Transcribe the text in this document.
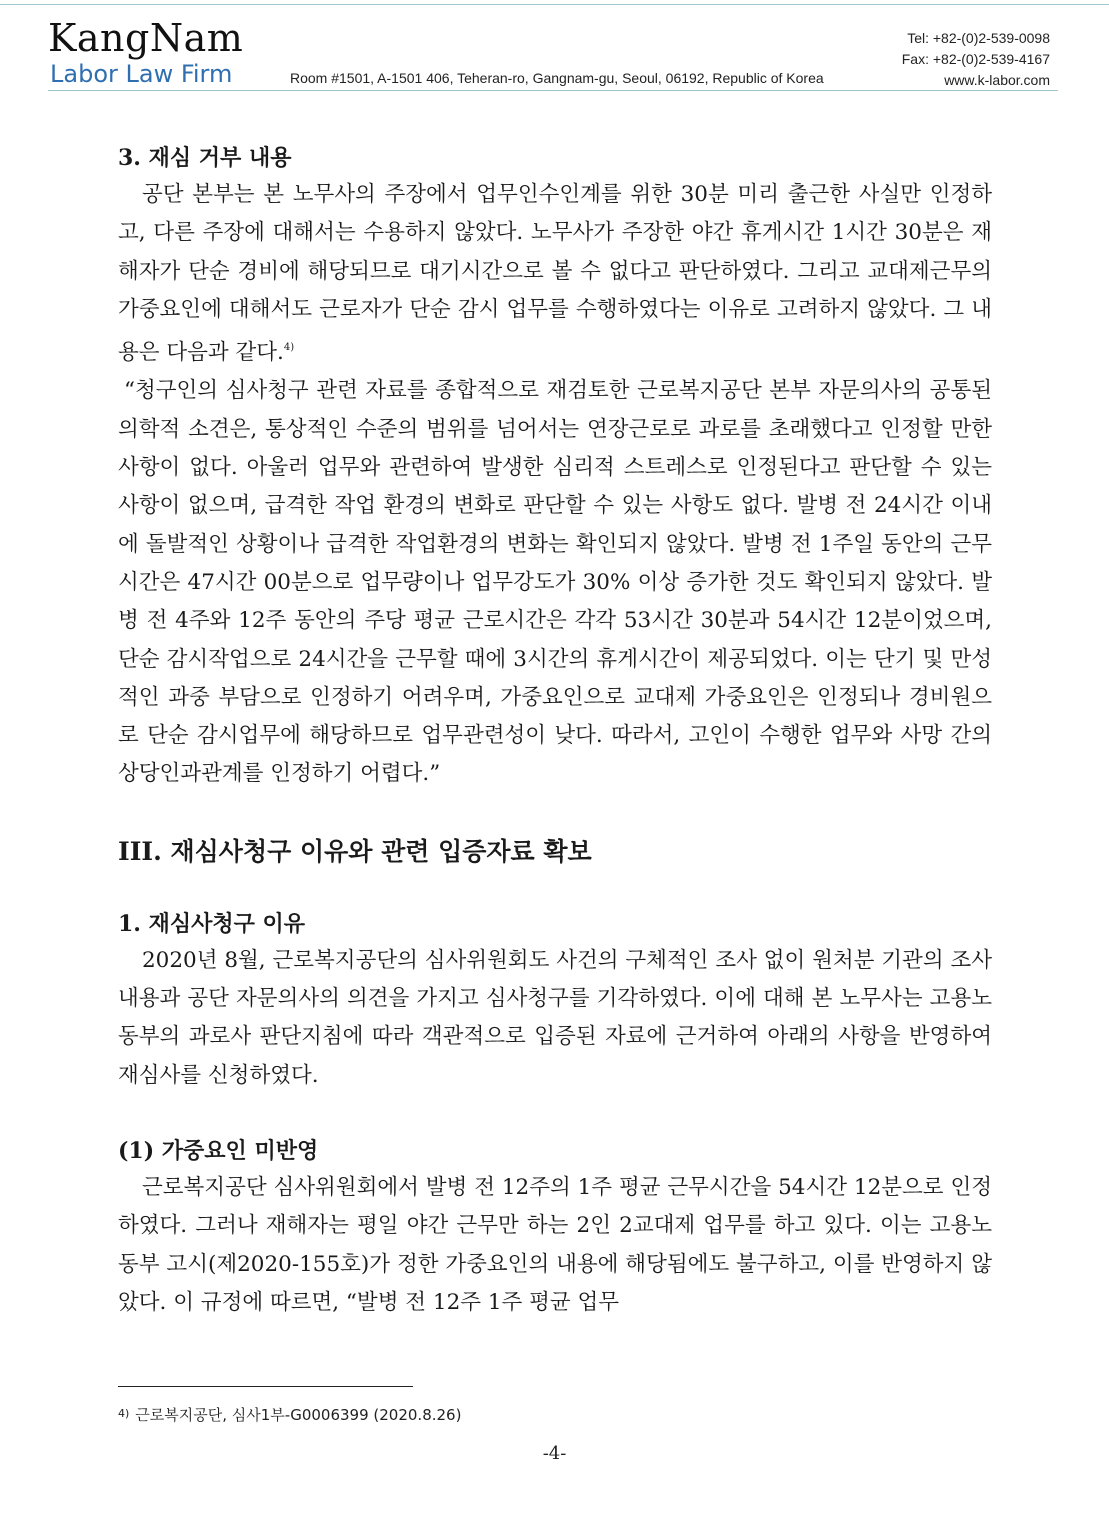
KangNam
Labor Law Firm	Room #1501, A-1501 406, Teheran-ro, Gangnam-gu, Seoul, 06192, Republic of Korea
Tel: +82-(0)2-539-0098
Fax: +82-(0)2-539-4167
www.k-labor.com
3. 재심 거부 내용

공단 본부는 본 노무사의 주장에서 업무인수인계를 위한 30분 미리 출근한 사실만 인정하고, 다른 주장에 대해서는 수용하지 않았다. 노무사가 주장한 야간 휴게시간 1시간 30분은 재해자가 단순 경비에 해당되므로 대기시간으로 볼 수 없다고 판단하였다. 그리고 교대제근무의 가중요인에 대해서도 근로자가 단순 감시 업무를 수행하였다는 이유로 고려하지 않았다. 그 내용은 다음과 같다.$^{4)}$

“청구인의 심사청구 관련 자료를 종합적으로 재검토한 근로복지공단 본부 자문의사의 공통된 의학적 소견은, 통상적인 수준의 범위를 넘어서는 연장근로로 과로를 초래했다고 인정할 만한 사항이 없다. 아울러 업무와 관련하여 발생한 심리적 스트레스로 인정된다고 판단할 수 있는 사항이 없으며, 급격한 작업 환경의 변화로 판단할 수 있는 사항도 없다. 발병 전 24시간 이내에 돌발적인 상황이나 급격한 작업환경의 변화는 확인되지 않았다. 발병 전 1주일 동안의 근무시간은 47시간 00분으로 업무량이나 업무강도가 30% 이상 증가한 것도 확인되지 않았다. 발병 전 4주와 12주 동안의 주당 평균 근로시간은 각각 53시간 30분과 54시간 12분이었으며, 단순 감시작업으로 24시간을 근무할 때에 3시간의 휴게시간이 제공되었다. 이는 단기 및 만성적인 과중 부담으로 인정하기 어려우며, 가중요인으로 교대제 가중요인은 인정되나 경비원으로 단순 감시업무에 해당하므로 업무관련성이 낮다. 따라서, 고인이 수행한 업무와 사망 간의 상당인과관계를 인정하기 어렵다.”

III. 재심사청구 이유와 관련 입증자료 확보
1. 재심사청구 이유

2020년 8월, 근로복지공단의 심사위원회도 사건의 구체적인 조사 없이 원처분 기관의 조사내용과 공단 자문의사의 의견을 가지고 심사청구를 기각하였다. 이에 대해 본 노무사는 고용노동부의 과로사 판단지침에 따라 객관적으로 입증된 자료에 근거하여 아래의 사항을 반영하여 재심사를 신청하였다.

(1) 가중요인 미반영

근로복지공단 심사위원회에서 발병 전 12주의 1주 평균 근무시간을 54시간 12분으로 인정하였다. 그러나 재해자는 평일 야간 근무만 하는 2인 2교대제 업무를 하고 있다. 이는 고용노동부 고시(제2020-155호)가 정한 가중요인의 내용에 해당됨에도 불구하고, 이를 반영하지 않았다. 이 규정에 따르면, “발병 전 12주 1주 평균 업무

$^{4)}$ 근로복지공단, 심사1부-G0006399 (2020.8.26)
-4-
